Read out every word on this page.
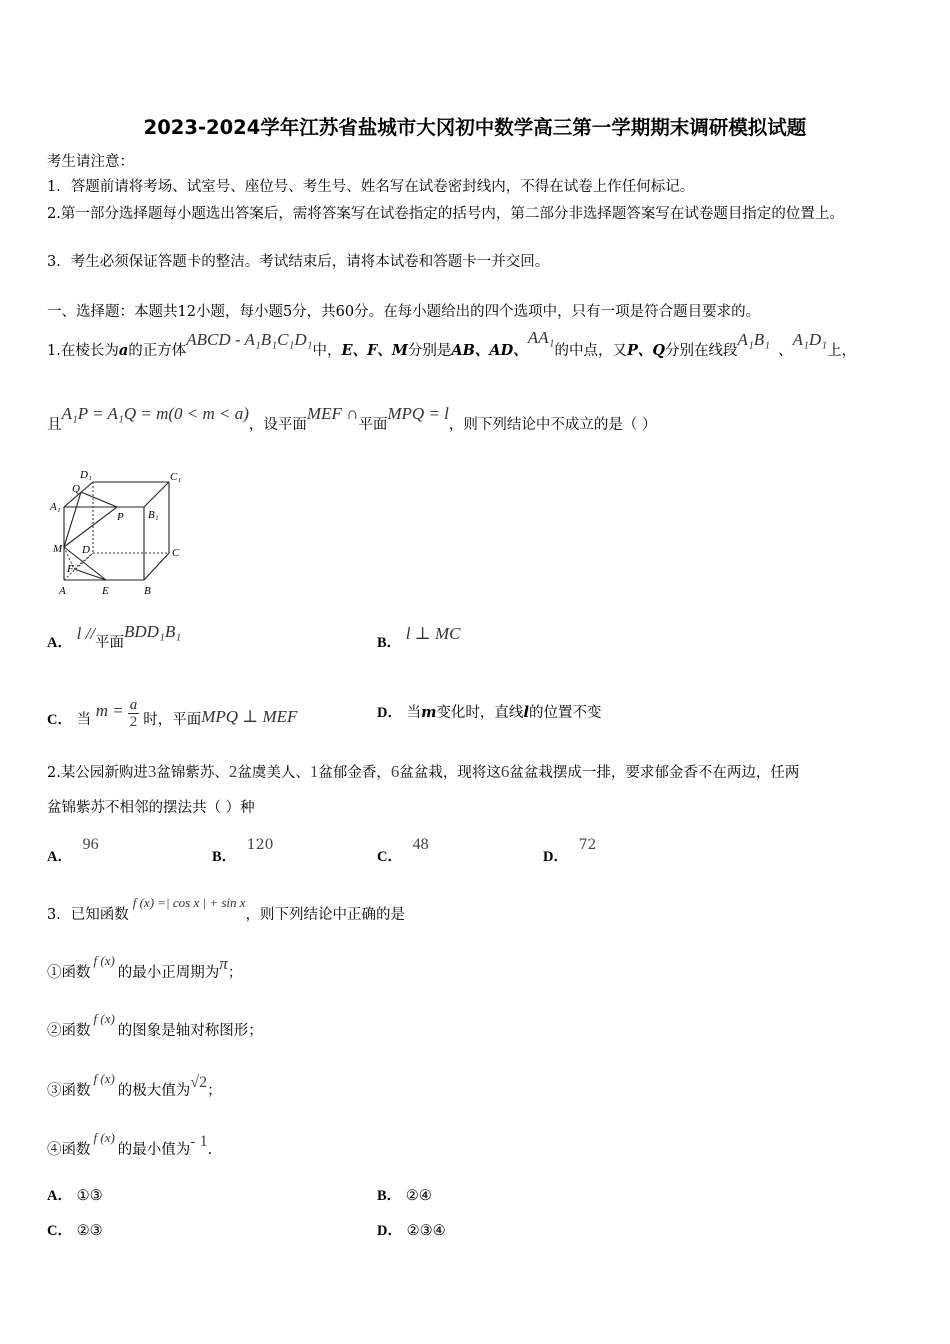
2023-2024学年江苏省盐城市大冈初中数学高三第一学期期末调研模拟试题
考生请注意：
1．答题前请将考场、试室号、座位号、考生号、姓名写在试卷密封线内，不得在试卷上作任何标记。
2.第一部分选择题每小题选出答案后，需将答案写在试卷指定的括号内，第二部分非选择题答案写在试卷题目指定的位置上。
3．考生必须保证答题卡的整洁。考试结束后，请将本试卷和答题卡一并交回。
一、选择题：本题共12小题，每小题5分，共60分。在每小题给出的四个选项中，只有一项是符合题目要求的。
1.在棱长为a的正方体ABCD - A₁B₁C₁D₁中，E、F、M分别是AB、AD、AA₁的中点，又P、Q分别在线段A₁B₁、A₁D₁上，
且A₁P = A₁Q = m(0 < m < a)，设平面MEF ∩平面MPQ = l，则下列结论中不成立的是（ ）
D₁	C₁
Q
A₁
P B₁
M D	C
F
A	E	B
A． l //平面BDD₁B₁
B． l ⊥ MC
C． 当 $m = \frac{a}{2}$ 时，平面MPQ ⊥ MEF	D． 当m变化时，直线l的位置不变
2.某公园新购进3盆锦紫苏、2盆虞美人、1盆郁金香，6盆盆栽，现将这6盆盆栽摆成一排，要求郁金香不在两边，任两
盆锦紫苏不相邻的摆法共（ ）种
A． 96
B． 120
C． 48
D． 72
3．已知函数f (x) =| cos x | + sin x，则下列结论中正确的是
①函数f (x)的最小正周期为π；
②函数f (x)的图象是轴对称图形；
③函数f (x)的极大值为√2；
④函数f (x)的最小值为- 1.
A． ①③	B． ②④
C． ②③	D． ②③④
